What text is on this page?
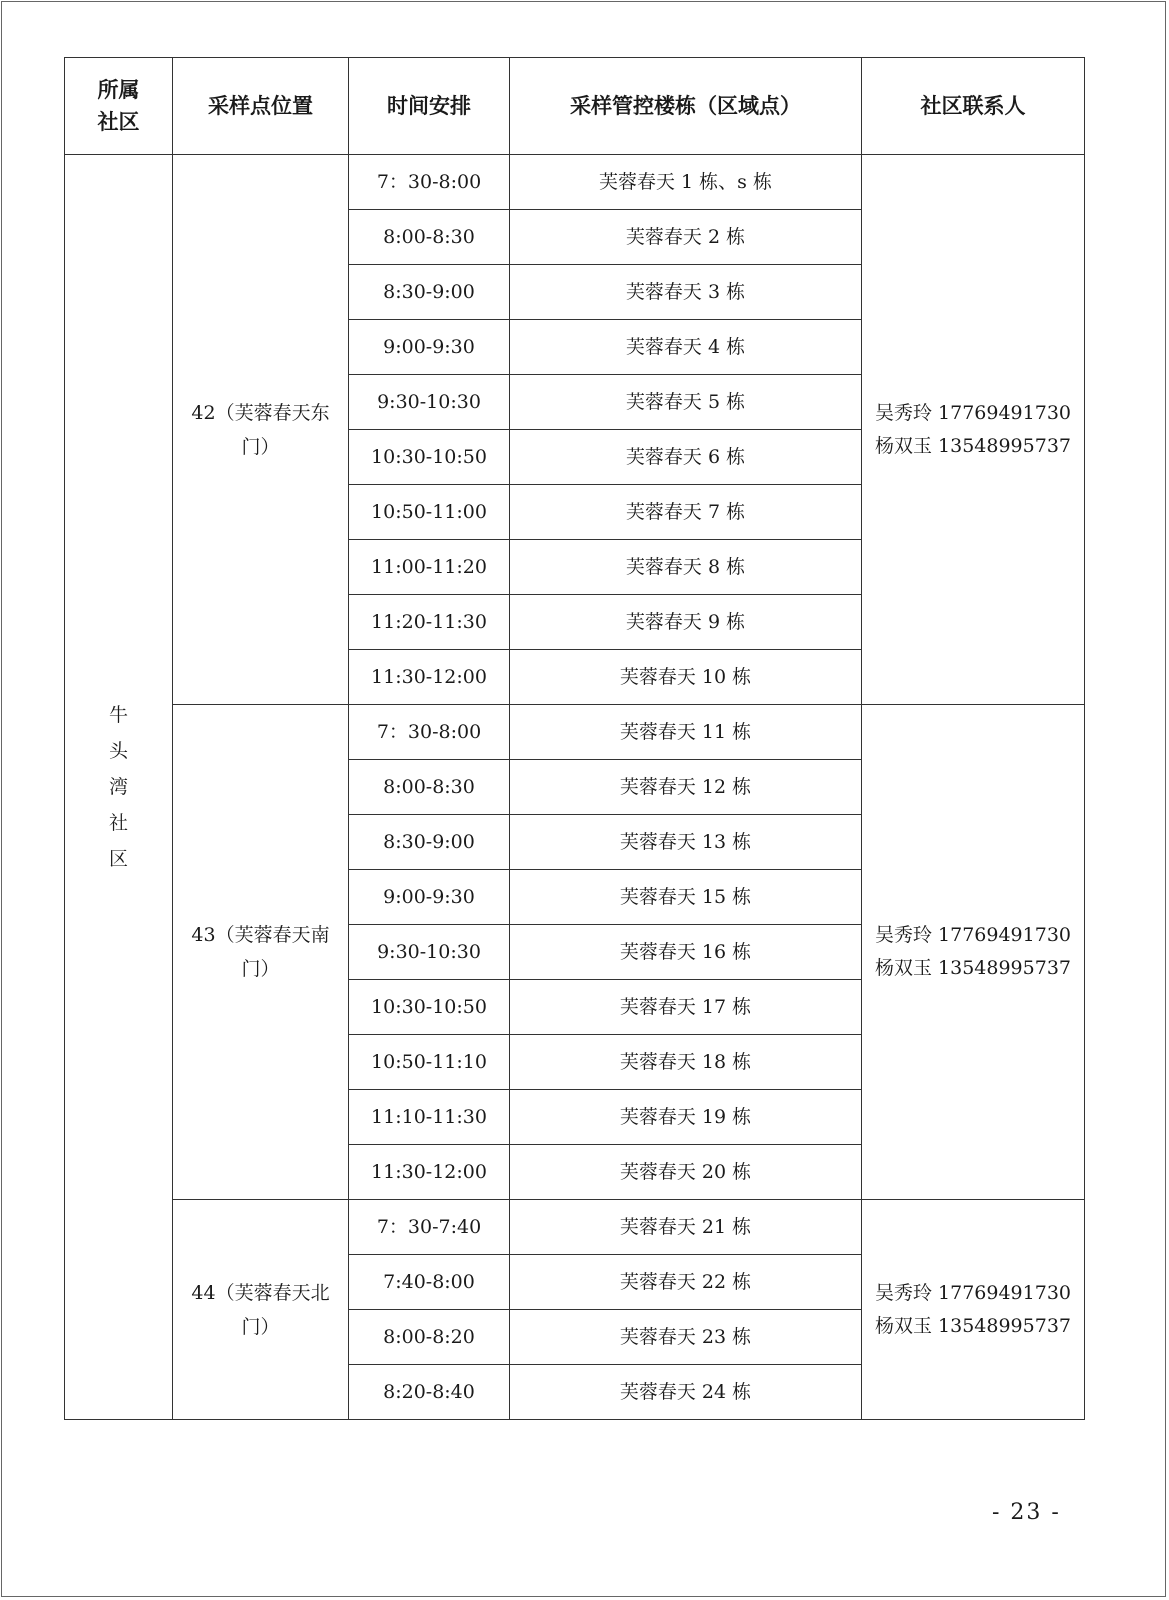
所属
社区	采样点位置	时间安排	采样管控楼栋（区域点）	社区联系人

牛
头
湾
社
区	42（芙蓉春天东门）	7：30-8:00	芙蓉春天 1 栋、s 栋	吴秀玲 17769491730
杨双玉 13548995737

		8:00-8:30	芙蓉春天 2 栋	
		8:30-9:00	芙蓉春天 3 栋	
		9:00-9:30	芙蓉春天 4 栋	
		9:30-10:30	芙蓉春天 5 栋	
		10:30-10:50	芙蓉春天 6 栋	
		10:50-11:00	芙蓉春天 7 栋	
		11:00-11:20	芙蓉春天 8 栋	
		11:20-11:30	芙蓉春天 9 栋	
		11:30-12:00	芙蓉春天 10 栋	
	43（芙蓉春天南门）	7：30-8:00	芙蓉春天 11 栋	吴秀玲 17769491730
杨双玉 13548995737

		8:00-8:30	芙蓉春天 12 栋	
		8:30-9:00	芙蓉春天 13 栋	
		9:00-9:30	芙蓉春天 15 栋	
		9:30-10:30	芙蓉春天 16 栋	
		10:30-10:50	芙蓉春天 17 栋	
		10:50-11:10	芙蓉春天 18 栋	
		11:10-11:30	芙蓉春天 19 栋	
		11:30-12:00	芙蓉春天 20 栋	
	44（芙蓉春天北门）	7：30-7:40	芙蓉春天 21 栋	吴秀玲 17769491730
杨双玉 13548995737

		7:40-8:00	芙蓉春天 22 栋	
		8:00-8:20	芙蓉春天 23 栋	
		8:20-8:40	芙蓉春天 24 栋	
- 23 -
